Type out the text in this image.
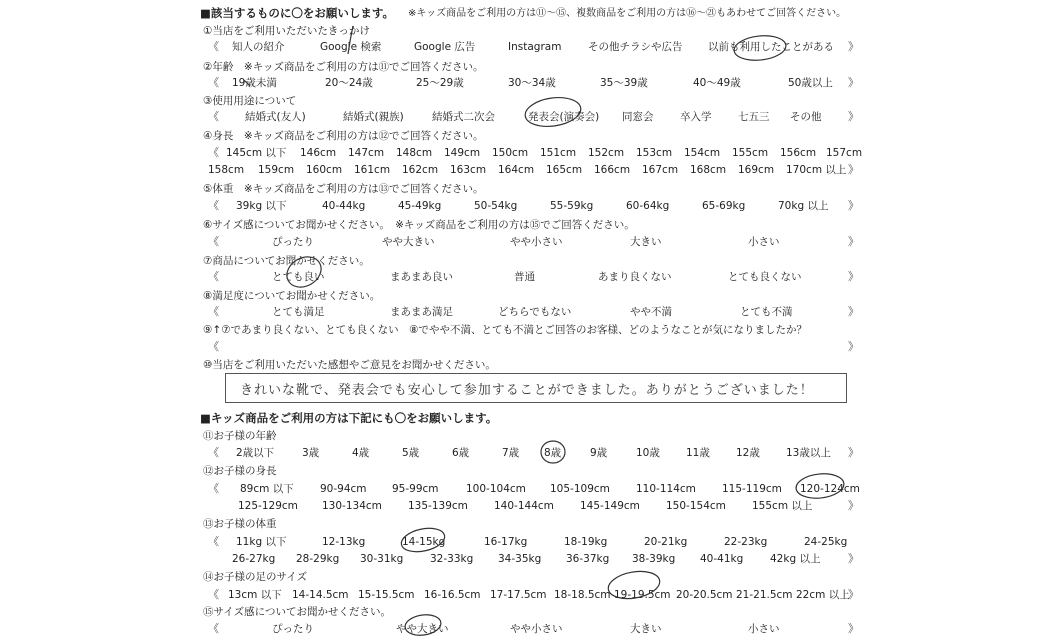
■該当するものに〇をお願いします。 ※キッズ商品をご利用の方は⑪〜⑮、複数商品をご利用の方は⑯〜㉑もあわせてご回答ください。
①当店をご利用いただいたきっかけ
《 知人の紹介	Google 検索	Google 広告	Instagram	その他チラシや広告 以前も利用したことがある 》
②年齢　※キッズ商品をご利用の方は⑪でご回答ください。
《 19歳未満	20〜24歳	25〜29歳	30〜34歳	35〜39歳	40〜49歳	50歳以上 》
③使用用途について
《 結婚式(友人)	結婚式(親族)	結婚式二次会	発表会(演奏会) 同窓会	卒入学	七五三 その他 》
④身長　※キッズ商品をご利用の方は⑫でご回答ください。
《 145cm 以下 146cm 147cm 148cm 149cm 150cm 151cm 152cm 153cm 154cm 155cm 156cm 157cm
158cm 159cm 160cm 161cm 162cm 163cm 164cm 165cm 166cm 167cm 168cm 169cm 170cm 以上 》
⑤体重　※キッズ商品をご利用の方は⑬でご回答ください。
《 39kg 以下	40-44kg	45-49kg	50-54kg	55-59kg	60-64kg	65-69kg	70kg 以上 》
⑥サイズ感についてお聞かせください。　※キッズ商品をご利用の方は⑮でご回答ください。
《	ぴったり	やや大きい	やや小さい	大きい	小さい	》
⑦商品についてお聞かせください。
《	とても良い	まあまあ良い	普通	あまり良くない	とても良くない	》
⑧満足度についてお聞かせください。
《	とても満足	まあまあ満足	どちらでもない	やや不満	とても不満	》
⑨↑⑦であまり良くない、とても良くない　⑧でやや不満、とても不満とご回答のお客様、どのようなことが気になりましたか？
《	》
⑩当店をご利用いただいた感想やご意見をお聞かせください。
きれいな靴で、発表会でも安心して参加することができました。ありがとうございました！
■キッズ商品をご利用の方は下記にも〇をお願いします。
⑪お子様の年齢
《 2歳以下	3歳	4歳	5歳	6歳	7歳 8歳	9歳	10歳 11歳 12歳 13歳以上 》
⑫お子様の身長
《 89cm 以下	90-94cm 95-99cm	100-104cm 105-109cm 110-114cm 115-119cm 120-124cm
125-129cm 130-134cm 135-139cm 140-144cm 145-149cm 150-154cm 155cm 以上	》
⑬お子様の体重
《 11kg 以下	12-13kg	14-15kg	16-17kg	18-19kg	20-21kg	22-23kg	24-25kg
26-27kg 28-29kg 30-31kg	32-33kg 34-35kg 36-37kg 38-39kg 40-41kg	42kg 以上	》
⑭お子様の足のサイズ
《 13cm 以下 14-14.5cm 15-15.5cm 16-16.5cm 17-17.5cm 18-18.5cm 19-19.5cm 20-20.5cm 21-21.5cm 22cm 以上
》
⑮サイズ感についてお聞かせください。
《	ぴったり	やや大きい	やや小さい	大きい	小さい	》
